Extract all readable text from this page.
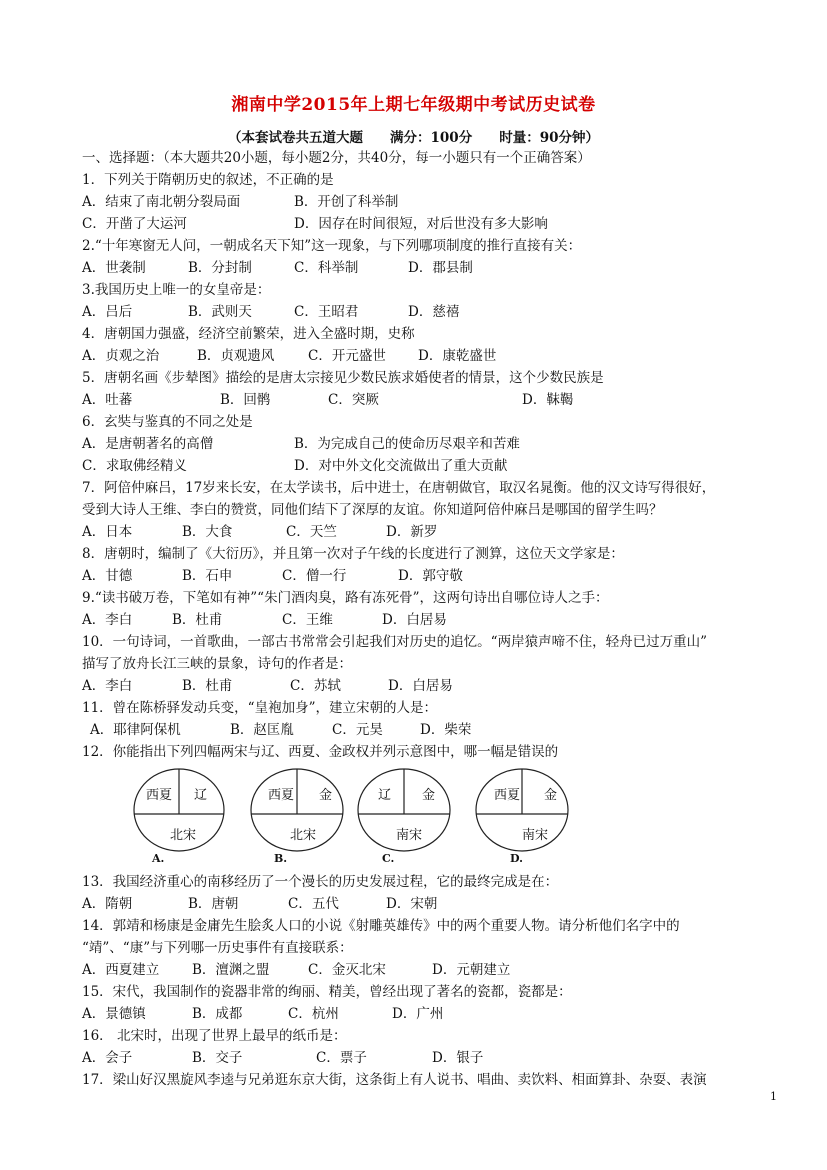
湘南中学2015年上期七年级期中考试历史试卷
（本套试卷共五道大题　　满分：100分　　时量：90分钟）
一、选择题：（本大题共20小题，每小题2分，共40分，每一小题只有一个正确答案）
1．下列关于隋朝历史的叙述，不正确的是
A．结束了南北朝分裂局面	B．开创了科举制
C．开凿了大运河	D．因存在时间很短，对后世没有多大影响
2.“十年寒窗无人问，一朝成名天下知”这一现象，与下列哪项制度的推行直接有关：
A．世袭制	B．分封制	C．科举制	D．郡县制
3.我国历史上唯一的女皇帝是：
A．吕后	B．武则天	C．王昭君	D．慈禧
4．唐朝国力强盛，经济空前繁荣，进入全盛时期，史称
A．贞观之治	B．贞观遗风 C．开元盛世 D．康乾盛世
5．唐朝名画《步辇图》描绘的是唐太宗接见少数民族求婚使者的情景，这个少数民族是
A．吐蕃	B．回鹘	C．突厥	D．靺鞨
6．玄奘与鉴真的不同之处是
A．是唐朝著名的高僧	B．为完成自己的使命历尽艰辛和苦难
C．求取佛经精义	D．对中外文化交流做出了重大贡献
7．阿倍仲麻吕，17岁来长安，在太学读书，后中进士，在唐朝做官，取汉名晁衡。他的汉文诗写得很好，
受到大诗人王维、李白的赞赏，同他们结下了深厚的友谊。你知道阿倍仲麻吕是哪国的留学生吗？
A．日本	B．大食	C．天竺	D．新罗
8．唐朝时，编制了《大衍历》，并且第一次对子午线的长度进行了测算，这位天文学家是：
A．甘德	B．石申	C．僧一行	D．郭守敬
9.“读书破万卷，下笔如有神”“朱门酒肉臭，路有冻死骨”，这两句诗出自哪位诗人之手：
A．李白	B．杜甫	C．王维	D．白居易
10．一句诗词，一首歌曲，一部古书常常会引起我们对历史的追忆。“两岸猿声啼不住，轻舟已过万重山”
描写了放舟长江三峡的景象，诗句的作者是：
A．李白	B．杜甫	C．苏轼	D．白居易
11．曾在陈桥驿发动兵变，“皇袍加身”，建立宋朝的人是：
A．耶律阿保机	B．赵匡胤	C．元昊	D．柴荣
12．你能指出下列四幅两宋与辽、西夏、金政权并列示意图中，哪一幅是错误的
西夏 辽
北宋
A.
西夏 金
北宋
B.
辽 金
南宋
C.
西夏 金
南宋
D.
13．我国经济重心的南移经历了一个漫长的历史发展过程，它的最终完成是在：
A．隋朝	B．唐朝	C．五代	D．宋朝
14．郭靖和杨康是金庸先生脍炙人口的小说《射雕英雄传》中的两个重要人物。请分析他们名字中的
“靖”、“康”与下列哪一历史事件有直接联系：
A．西夏建立 B．澶渊之盟	C．金灭北宋	D．元朝建立
15．宋代，我国制作的瓷器非常的绚丽、精美，曾经出现了著名的瓷都，瓷都是：
A．景德镇	B．成都	C．杭州	D．广州
16． 北宋时，出现了世界上最早的纸币是：
A．会子	B．交子	C．票子	D．银子
17．梁山好汉黑旋风李逵与兄弟逛东京大街，这条街上有人说书、唱曲、卖饮料、相面算卦、杂耍、表演
1
